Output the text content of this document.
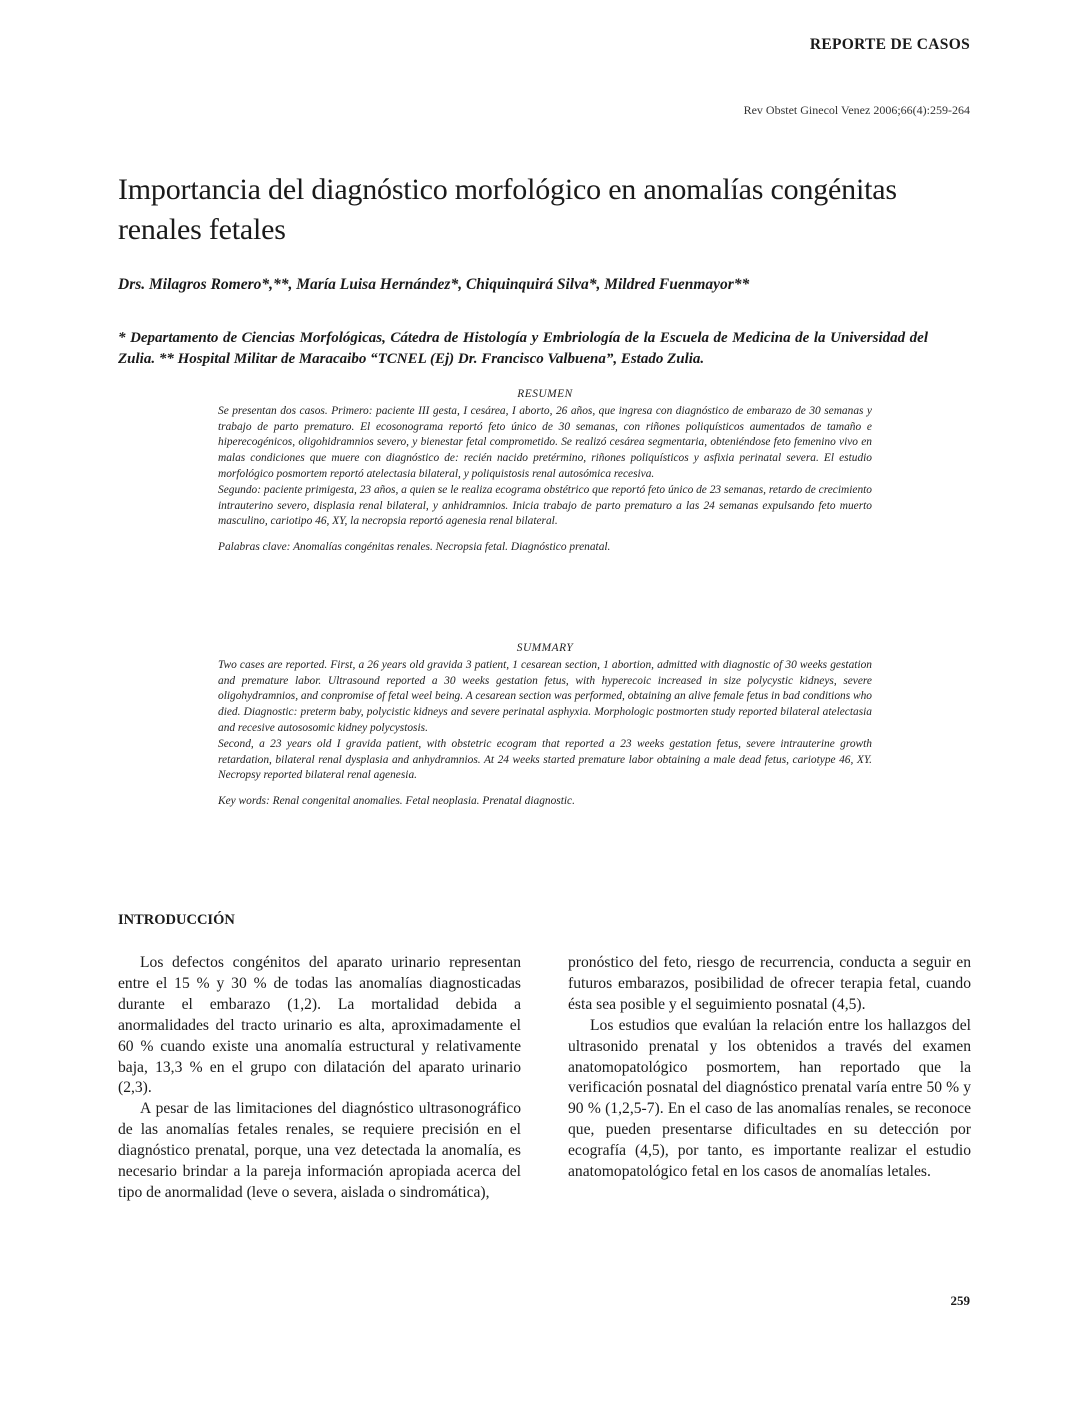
REPORTE DE CASOS
Rev Obstet Ginecol Venez 2006;66(4):259-264
Importancia del diagnóstico morfológico en anomalías congénitas renales fetales
Drs. Milagros Romero*,**, María Luisa Hernández*, Chiquinquirá Silva*, Mildred Fuenmayor**
* Departamento de Ciencias Morfológicas, Cátedra de Histología y Embriología de la Escuela de Medicina de la Universidad del Zulia. ** Hospital Militar de Maracaibo “TCNEL (Ej) Dr. Francisco Valbuena”, Estado Zulia.
RESUMEN

Se presentan dos casos. Primero: paciente III gesta, I cesárea, I aborto, 26 años, que ingresa con diagnóstico de embarazo de 30 semanas y trabajo de parto prematuro. El ecosonograma reportó feto único de 30 semanas, con riñones poliquísticos aumentados de tamaño e hiperecogénicos, oligohidramnios severo, y bienestar fetal comprometido. Se realizó cesárea segmentaria, obteniéndose feto femenino vivo en malas condiciones que muere con diagnóstico de: recién nacido pretérmino, riñones poliquísticos y asfixia perinatal severa. El estudio morfológico posmortem reportó atelectasia bilateral, y poliquistosis renal autosómica recesiva.

Segundo: paciente primigesta, 23 años, a quien se le realiza ecograma obstétrico que reportó feto único de 23 semanas, retardo de crecimiento intrauterino severo, displasia renal bilateral, y anhidramnios. Inicia trabajo de parto prematuro a las 24 semanas expulsando feto muerto masculino, cariotipo 46, XY, la necropsia reportó agenesia renal bilateral.

Palabras clave: Anomalías congénitas renales. Necropsia fetal. Diagnóstico prenatal.

SUMMARY

Two cases are reported. First, a 26 years old gravida 3 patient, 1 cesarean section, 1 abortion, admitted with diagnostic of 30 weeks gestation and premature labor. Ultrasound reported a 30 weeks gestation fetus, with hyperecoic increased in size polycystic kidneys, severe oligohydramnios, and conpromise of fetal weel being. A cesarean section was performed, obtaining an alive female fetus in bad conditions who died. Diagnostic: preterm baby, polycistic kidneys and severe perinatal asphyxia. Morphologic postmorten study reported bilateral atelectasia and recesive autososomic kidney polycystosis.

Second, a 23 years old I gravida patient, with obstetric ecogram that reported a 23 weeks gestation fetus, severe intrauterine growth retardation, bilateral renal dysplasia and anhydramnios. At 24 weeks started premature labor obtaining a male dead fetus, cariotype 46, XY. Necropsy reported bilateral renal agenesia.

Key words: Renal congenital anomalies. Fetal neoplasia. Prenatal diagnostic.

INTRODUCCIÓN

Los defectos congénitos del aparato urinario representan entre el 15 % y 30 % de todas las anomalías diagnosticadas durante el embarazo (1,2). La mortalidad debida a anormalidades del tracto urinario es alta, aproximadamente el 60 % cuando existe una anomalía estructural y relativamente baja, 13,3 % en el grupo con dilatación del aparato urinario (2,3).

A pesar de las limitaciones del diagnóstico ultrasonográfico de las anomalías fetales renales, se requiere precisión en el diagnóstico prenatal, porque, una vez detectada la anomalía, es necesario brindar a la pareja información apropiada acerca del tipo de anormalidad (leve o severa, aislada o sindromática),

pronóstico del feto, riesgo de recurrencia, conducta a seguir en futuros embarazos, posibilidad de ofrecer terapia fetal, cuando ésta sea posible y el seguimiento posnatal (4,5).

Los estudios que evalúan la relación entre los hallazgos del ultrasonido prenatal y los obtenidos a través del examen anatomopatológico posmortem, han reportado que la verificación posnatal del diagnóstico prenatal varía entre 50 % y 90 % (1,2,5-7). En el caso de las anomalías renales, se reconoce que, pueden presentarse dificultades en su detección por ecografía (4,5), por tanto, es importante realizar el estudio anatomopatológico fetal en los casos de anomalías letales.

259
